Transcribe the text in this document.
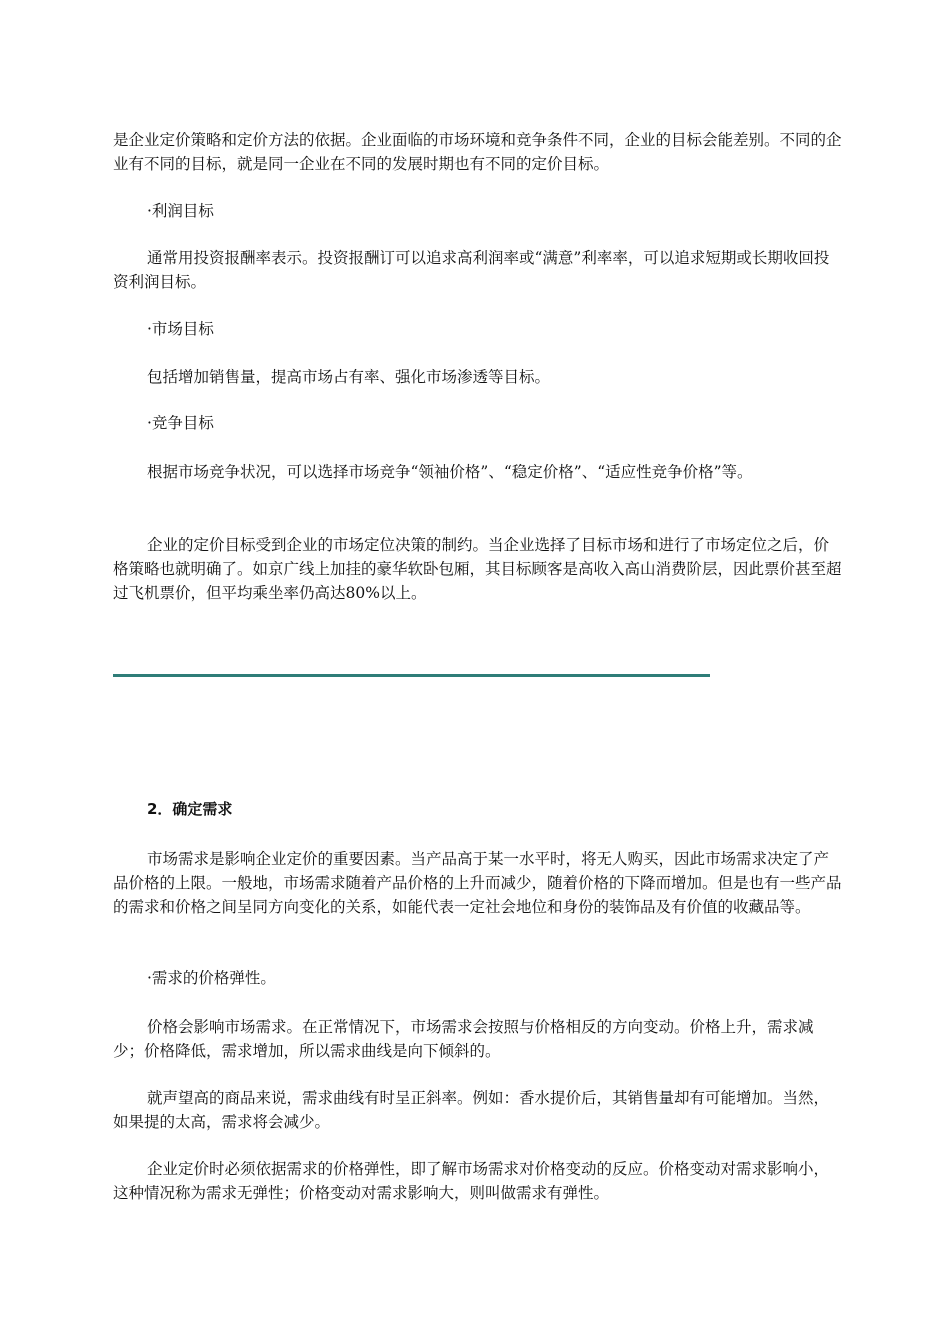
是企业定价策略和定价方法的依据。企业面临的市场环境和竞争条件不同，企业的目标会能差别。不同的企业有不同的目标，就是同一企业在不同的发展时期也有不同的定价目标。

·利润目标

通常用投资报酬率表示。投资报酬订可以追求高利润率或“满意”利率率，可以追求短期或长期收回投资利润目标。

·市场目标

包括增加销售量，提高市场占有率、强化市场渗透等目标。

·竞争目标

根据市场竞争状况，可以选择市场竞争“领袖价格”、“稳定价格”、“适应性竞争价格”等。

企业的定价目标受到企业的市场定位决策的制约。当企业选择了目标市场和进行了市场定位之后，价格策略也就明确了。如京广线上加挂的豪华软卧包厢，其目标顾客是高收入高山消费阶层，因此票价甚至超过飞机票价，但平均乘坐率仍高达80%以上。

2．确定需求

市场需求是影响企业定价的重要因素。当产品高于某一水平时，将无人购买，因此市场需求决定了产品价格的上限。一般地，市场需求随着产品价格的上升而减少，随着价格的下降而增加。但是也有一些产品的需求和价格之间呈同方向变化的关系，如能代表一定社会地位和身份的装饰品及有价值的收藏品等。

·需求的价格弹性。

价格会影响市场需求。在正常情况下，市场需求会按照与价格相反的方向变动。价格上升，需求减少；价格降低，需求增加，所以需求曲线是向下倾斜的。

就声望高的商品来说，需求曲线有时呈正斜率。例如：香水提价后，其销售量却有可能增加。当然，如果提的太高，需求将会减少。

企业定价时必须依据需求的价格弹性，即了解市场需求对价格变动的反应。价格变动对需求影响小，这种情况称为需求无弹性；价格变动对需求影响大，则叫做需求有弹性。
